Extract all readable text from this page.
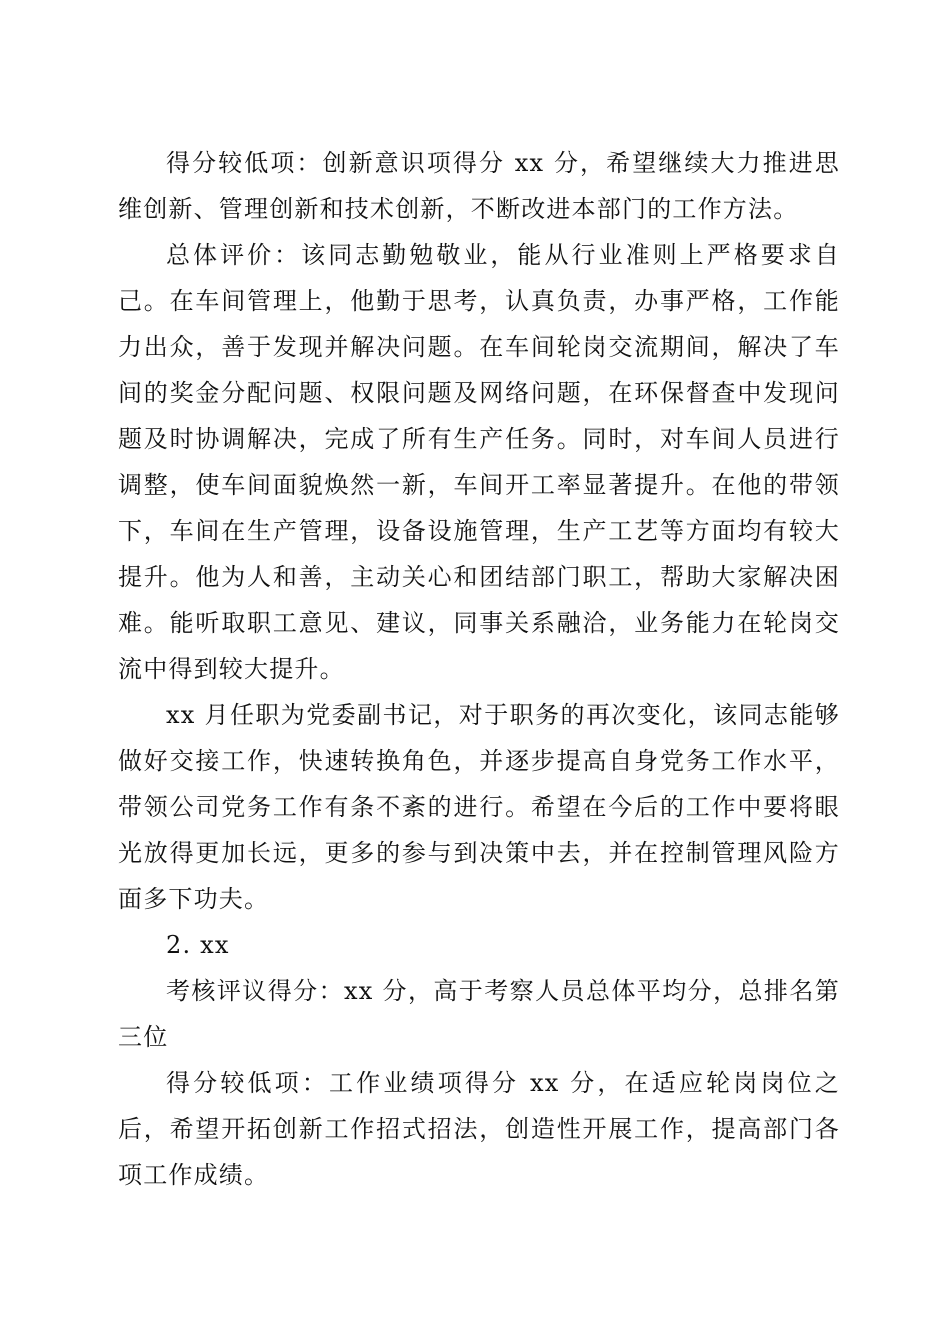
得分较低项：创新意识项得分 xx 分，希望继续大力推进思维创新、管理创新和技术创新，不断改进本部门的工作方法。

总体评价：该同志勤勉敬业，能从行业准则上严格要求自己。在车间管理上，他勤于思考，认真负责，办事严格，工作能力出众，善于发现并解决问题。在车间轮岗交流期间，解决了车间的奖金分配问题、权限问题及网络问题，在环保督查中发现问题及时协调解决，完成了所有生产任务。同时，对车间人员进行调整，使车间面貌焕然一新，车间开工率显著提升。在他的带领下，车间在生产管理，设备设施管理，生产工艺等方面均有较大提升。他为人和善，主动关心和团结部门职工，帮助大家解决困难。能听取职工意见、建议，同事关系融洽，业务能力在轮岗交流中得到较大提升。

xx 月任职为党委副书记，对于职务的再次变化，该同志能够做好交接工作，快速转换角色，并逐步提高自身党务工作水平，带领公司党务工作有条不紊的进行。希望在今后的工作中要将眼光放得更加长远，更多的参与到决策中去，并在控制管理风险方面多下功夫。

2. xx

考核评议得分：xx 分，高于考察人员总体平均分，总排名第三位

得分较低项：工作业绩项得分 xx 分，在适应轮岗岗位之后，希望开拓创新工作招式招法，创造性开展工作，提高部门各项工作成绩。
